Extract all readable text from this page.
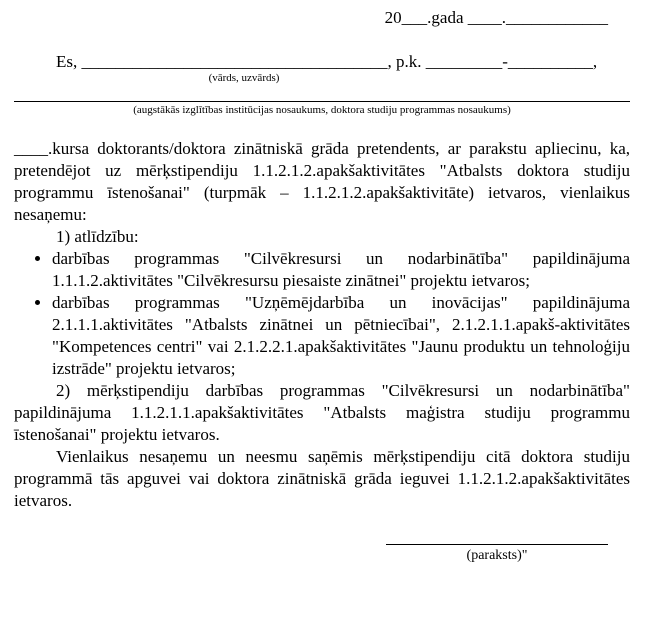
20___.gada ____.____________
Es, ____________________________________, p.k. _________-__________,
(vārds, uzvārds)
(augstākās izglītības institūcijas nosaukums, doktora studiju programmas nosaukums)

____.kursa doktorants/doktora zinātniskā grāda pretendents, ar parakstu apliecinu, ka, pretendējot uz mērķstipendiju 1.1.2.1.2.apakšaktivitātes "Atbalsts doktora studiju programmu īstenošanai" (turpmāk – 1.1.2.1.2.apakšaktivitāte) ietvaros, vienlaikus nesaņemu:

1) atlīdzību:

• darbības programmas "Cilvēkresursi un nodarbinātība" papildinājuma 1.1.1.2.aktivitātes "Cilvēkresursu piesaiste zinātnei" projektu ietvaros;
• darbības programmas "Uzņēmējdarbība un inovācijas" papildinājuma 2.1.1.1.aktivitātes "Atbalsts zinātnei un pētniecībai", 2.1.2.1.1.apakš-aktivitātes "Kompetences centri" vai 2.1.2.2.1.apakšaktivitātes "Jaunu produktu un tehnoloģiju izstrāde" projektu ietvaros;

2) mērķstipendiju darbības programmas "Cilvēkresursi un nodarbinātība" papildinājuma 1.1.2.1.1.apakšaktivitātes "Atbalsts maģistra studiju programmu īstenošanai" projektu ietvaros.

Vienlaikus nesaņemu un neesmu saņēmis mērķstipendiju citā doktora studiju programmā tās apguvei vai doktora zinātniskā grāda ieguvei 1.1.2.1.2.apakšaktivitātes ietvaros.

(paraksts)"
